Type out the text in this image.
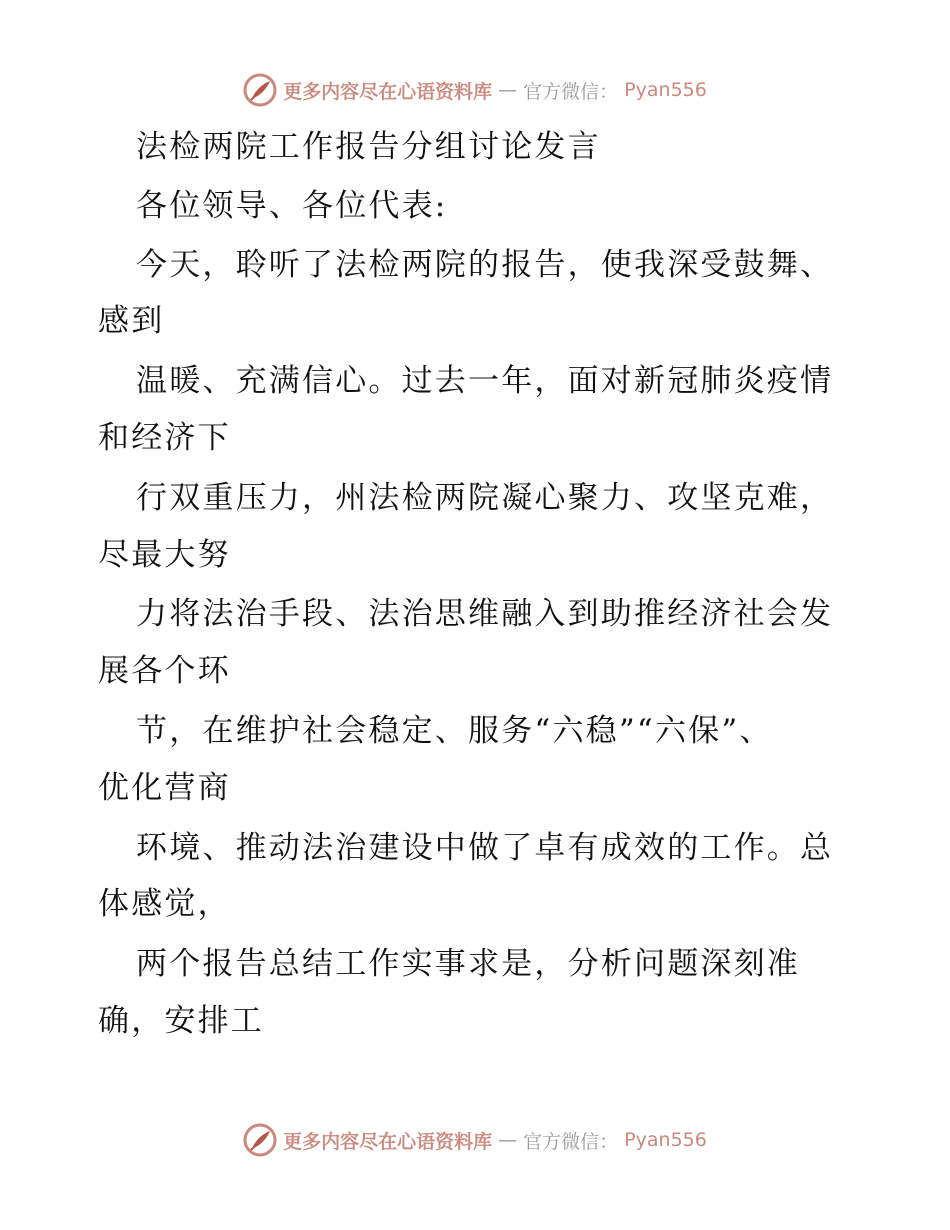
更多内容尽在心语资料库 — 官方微信： Pyan556
法检两院工作报告分组讨论发言
各位领导、各位代表:
今天，聆听了法检两院的报告，使我深受鼓舞、
感到
温暖、充满信心。过去一年，面对新冠肺炎疫情
和经济下
行双重压力，州法检两院凝心聚力、攻坚克难，
尽最大努
力将法治手段、法治思维融入到助推经济社会发
展各个环
节，在维护社会稳定、服务“六稳”“六保”、
优化营商
环境、推动法治建设中做了卓有成效的工作。总
体感觉，
两个报告总结工作实事求是，分析问题深刻准
确，安排工
更多内容尽在心语资料库 — 官方微信： Pyan556
